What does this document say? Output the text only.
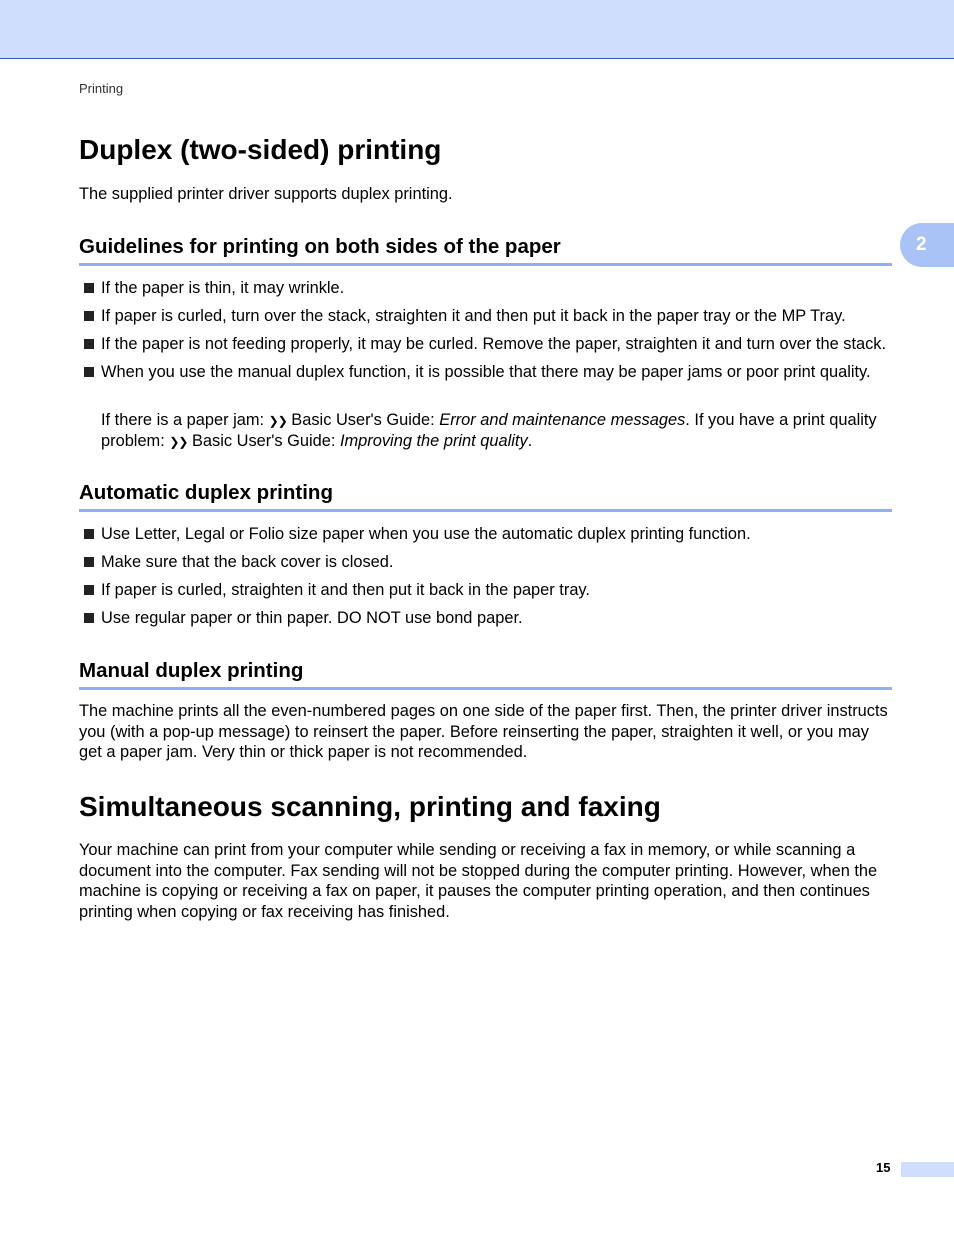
Printing
2
Duplex (two-sided) printing

The supplied printer driver supports duplex printing.

Guidelines for printing on both sides of the paper
If the paper is thin, it may wrinkle.
If paper is curled, turn over the stack, straighten it and then put it back in the paper tray or the MP Tray.
If the paper is not feeding properly, it may be curled. Remove the paper, straighten it and turn over the stack.
When you use the manual duplex function, it is possible that there may be paper jams or poor print quality.

If there is a paper jam: ❯❯ Basic User's Guide: Error and maintenance messages. If you have a print quality problem: ❯❯ Basic User's Guide: Improving the print quality.

Automatic duplex printing
Use Letter, Legal or Folio size paper when you use the automatic duplex printing function.
Make sure that the back cover is closed.
If paper is curled, straighten it and then put it back in the paper tray.
Use regular paper or thin paper. DO NOT use bond paper.
Manual duplex printing

The machine prints all the even-numbered pages on one side of the paper first. Then, the printer driver instructs you (with a pop-up message) to reinsert the paper. Before reinserting the paper, straighten it well, or you may get a paper jam. Very thin or thick paper is not recommended.

Simultaneous scanning, printing and faxing

Your machine can print from your computer while sending or receiving a fax in memory, or while scanning a document into the computer. Fax sending will not be stopped during the computer printing. However, when the machine is copying or receiving a fax on paper, it pauses the computer printing operation, and then continues printing when copying or fax receiving has finished.

15
